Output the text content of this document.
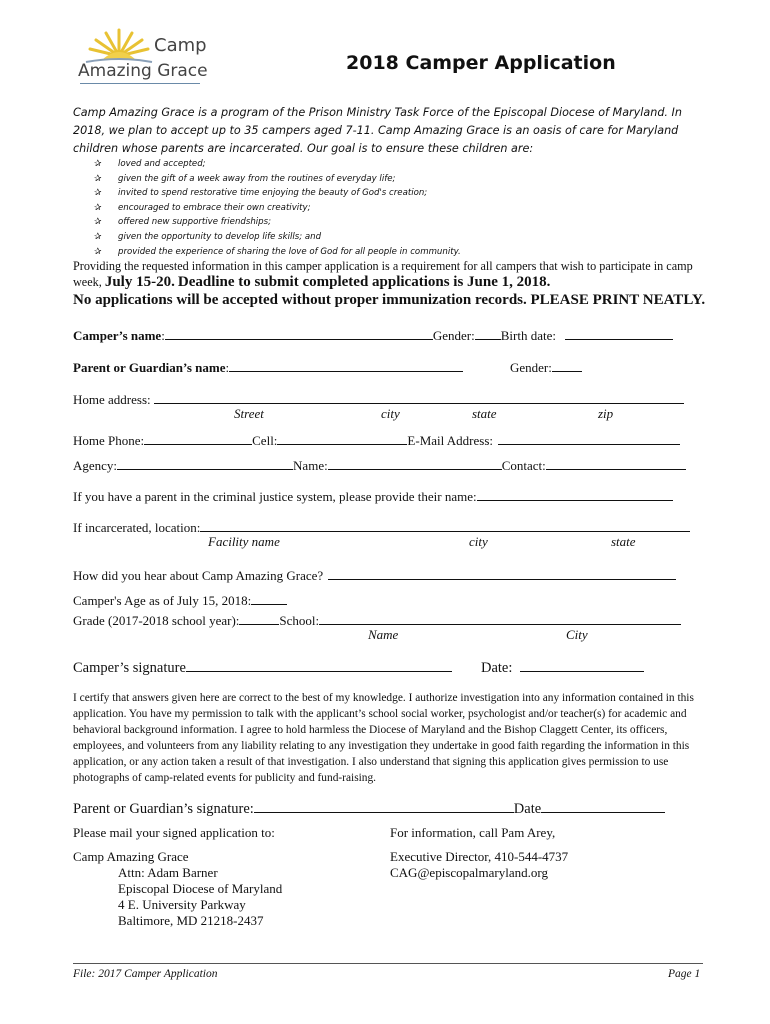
Camp
Amazing Grace	2018 Camper Application
Camp Amazing Grace is a program of the Prison Ministry Task Force of the Episcopal Diocese of Maryland. In 2018, we plan to accept up to 35 campers aged 7-11. Camp Amazing Grace is an oasis of care for Maryland children whose parents are incarcerated. Our goal is to ensure these children are:
✰ loved and accepted;
✰ given the gift of a week away from the routines of everyday life;
✰ invited to spend restorative time enjoying the beauty of God's creation;
✰ encouraged to embrace their own creativity;
✰ offered new supportive friendships;
✰ given the opportunity to develop life skills; and
✰ provided the experience of sharing the love of God for all people in community.
Providing the requested information in this camper application is a requirement for all campers that wish to participate in camp
week, July 15-20. Deadline to submit completed applications is June 1, 2018.
No applications will be accepted without proper immunization records. PLEASE PRINT NEATLY.
Camper’s name:	Gender: Birth date:
Parent or Guardian’s name:	Gender:
Home address:
Street	city	state	zip
Home Phone:	Cell:	E-Mail Address:
Agency:	Name:	Contact:
If you have a parent in the criminal justice system, please provide their name:
If incarcerated, location:
Facility name	city	state
How did you hear about Camp Amazing Grace?
Camper's Age as of July 15, 2018:
Grade (2017-2018 school year):	School:
Name	City
Camper’s signature	Date:
I certify that answers given here are correct to the best of my knowledge. I authorize investigation into any information contained in this application. You have my permission to talk with the applicant’s school social worker, psychologist and/or teacher(s) for academic and behavioral background information. I agree to hold harmless the Diocese of Maryland and the Bishop Claggett Center, its officers, employees, and volunteers from any liability relating to any investigation they undertake in good faith regarding the information in this application, or any action taken a result of that investigation. I also understand that signing this application gives permission to use photographs of camp-related events for publicity and fund-raising.
Parent or Guardian’s signature:	Date
Please mail your signed application to:
Camp Amazing Grace
Attn: Adam Barner
Episcopal Diocese of Maryland
4 E. University Parkway
Baltimore, MD 21218-2437
For information, call Pam Arey,
Executive Director, 410-544-4737
CAG@episcopalmaryland.org
File: 2017 Camper Application	Page 1
